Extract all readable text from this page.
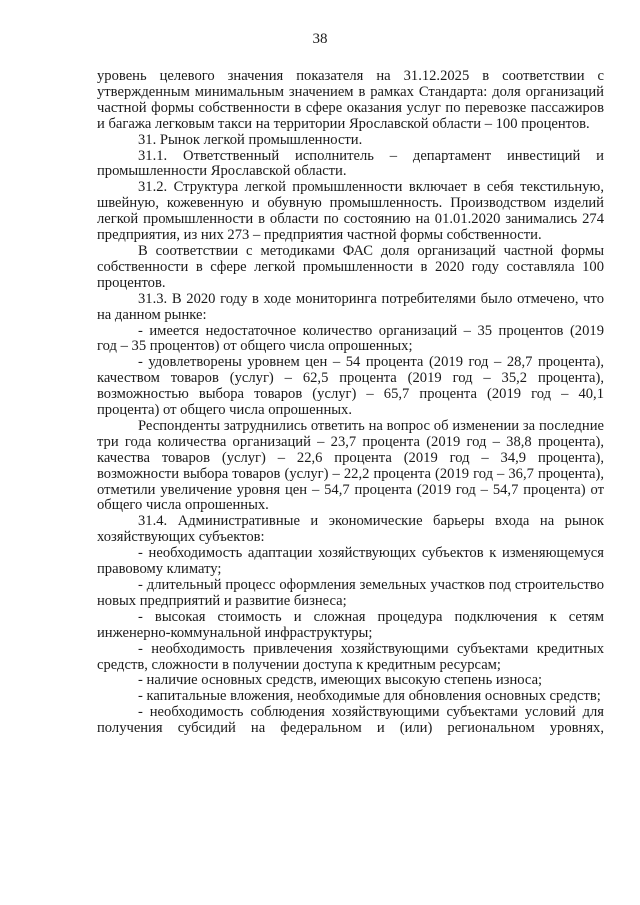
38

уровень целевого значения показателя на 31.12.2025 в соответствии с утвержденным минимальным значением в рамках Стандарта: доля организаций частной формы собственности в сфере оказания услуг по перевозке пассажиров и багажа легковым такси на территории Ярославской области – 100 процентов.

31. Рынок легкой промышленности.

31.1. Ответственный исполнитель – департамент инвестиций и промышленности Ярославской области.

31.2. Структура легкой промышленности включает в себя текстильную, швейную, кожевенную и обувную промышленность. Производством изделий легкой промышленности в области по состоянию на 01.01.2020 занимались 274 предприятия, из них 273 – предприятия частной формы собственности.

В соответствии с методиками ФАС доля организаций частной формы собственности в сфере легкой промышленности в 2020 году составляла 100 процентов.

31.3. В 2020 году в ходе мониторинга потребителями было отмечено, что на данном рынке:

- имеется недостаточное количество организаций – 35 процентов (2019 год – 35 процентов) от общего числа опрошенных;

- удовлетворены уровнем цен – 54 процента (2019 год – 28,7 процента), качеством товаров (услуг) – 62,5 процента (2019 год – 35,2 процента), возможностью выбора товаров (услуг) – 65,7 процента (2019 год – 40,1 процента) от общего числа опрошенных.

Респонденты затруднились ответить на вопрос об изменении за последние три года количества организаций – 23,7 процента (2019 год – 38,8 процента), качества товаров (услуг) – 22,6 процента (2019 год – 34,9 процента), возможности выбора товаров (услуг) – 22,2 процента (2019 год – 36,7 процента), отметили увеличение уровня цен – 54,7 процента (2019 год – 54,7 процента) от общего числа опрошенных.

31.4. Административные и экономические барьеры входа на рынок хозяйствующих субъектов:

- необходимость адаптации хозяйствующих субъектов к изменяющемуся правовому климату;

- длительный процесс оформления земельных участков под строительство новых предприятий и развитие бизнеса;

- высокая стоимость и сложная процедура подключения к сетям инженерно-коммунальной инфраструктуры;

- необходимость привлечения хозяйствующими субъектами кредитных средств, сложности в получении доступа к кредитным ресурсам;

- наличие основных средств, имеющих высокую степень износа;

- капитальные вложения, необходимые для обновления основных средств;

- необходимость соблюдения хозяйствующими субъектами условий для получения субсидий на федеральном и (или) региональном уровнях,
